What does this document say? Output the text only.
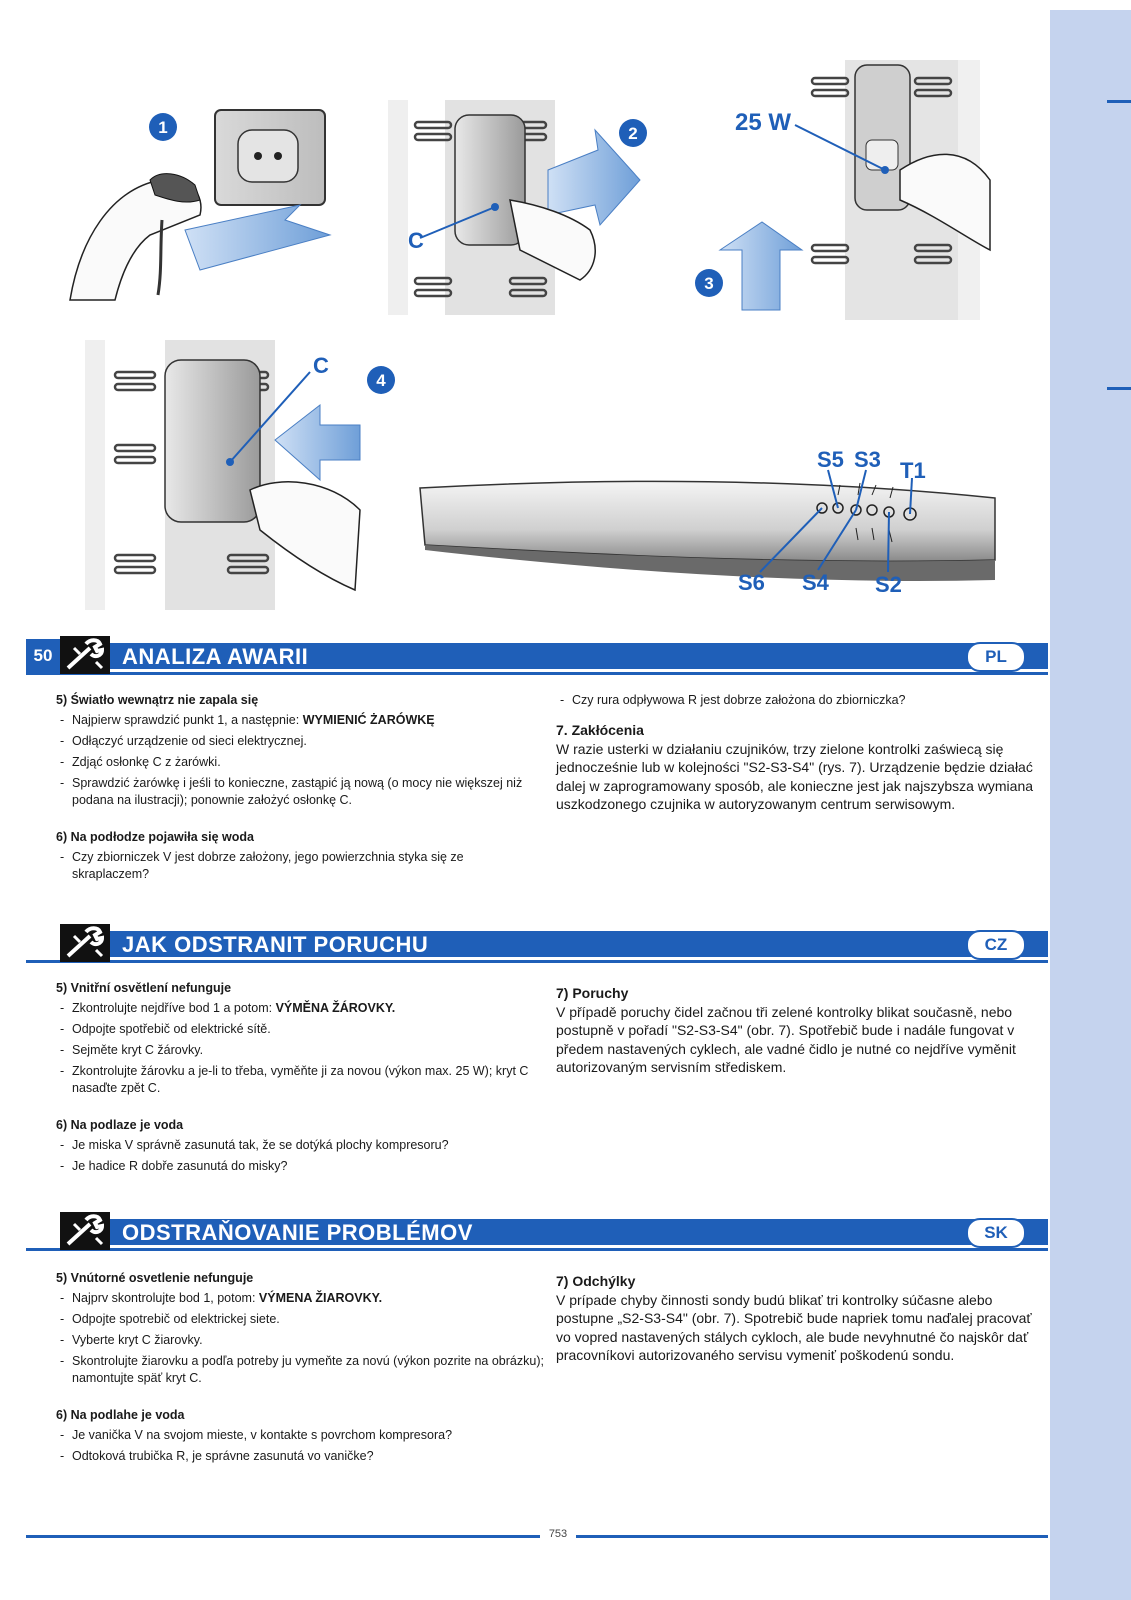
1	2
3
4
25 W
C
C
S5 S3 T1
S6 S4 S2
50	ANALIZA AWARII	PL
5) Światło wewnątrz nie zapala się
- Najpierw sprawdzić punkt 1, a następnie: WYMIENIĆ ŻARÓWKĘ
- Odłączyć urządzenie od sieci elektrycznej.
- Zdjąć osłonkę C z żarówki.
- Sprawdzić żarówkę i jeśli to konieczne, zastąpić ją nową (o mocy nie większej niż podana na ilustracji); ponownie założyć osłonkę C.
6) Na podłodze pojawiła się woda
- Czy zbiorniczek V jest dobrze założony, jego powierzchnia styka się ze skraplaczem?
- Czy rura odpływowa R jest dobrze założona do zbiorniczka?
7. Zakłócenia
W razie usterki w działaniu czujników, trzy zielone kontrolki zaświecą się jednocześnie lub w kolejności "S2-S3-S4" (rys. 7). Urządzenie będzie działać dalej w zaprogramowany sposób, ale konieczne jest jak najszybsza wymiana uszkodzonego czujnika w autoryzowanym centrum serwisowym.
JAK ODSTRANIT PORUCHU	CZ
5) Vnitřní osvětlení nefunguje
- Zkontrolujte nejdříve bod 1 a potom: VÝMĚNA ŽÁROVKY.
- Odpojte spotřebič od elektrické sítě.
- Sejměte kryt C žárovky.
- Zkontrolujte žárovku a je-li to třeba, vyměňte ji za novou (výkon max. 25 W); kryt C nasaďte zpět C.
6) Na podlaze je voda
- Je miska V správně zasunutá tak, že se dotýká plochy kompresoru?
- Je hadice R dobře zasunutá do misky?
7) Poruchy
V případě poruchy čidel začnou tři zelené kontrolky blikat současně, nebo postupně v pořadí "S2-S3-S4" (obr. 7). Spotřebič bude i nadále fungovat v předem nastavených cyklech, ale vadné čidlo je nutné co nejdříve vyměnit autorizovaným servisním střediskem.
ODSTRAŇOVANIE PROBLÉMOV	SK
5) Vnútorné osvetlenie nefunguje
- Najprv skontrolujte bod 1, potom: VÝMENA ŽIAROVKY.
- Odpojte spotrebič od elektrickej siete.
- Vyberte kryt C žiarovky.
- Skontrolujte žiarovku a podľa potreby ju vymeňte za novú (výkon pozrite na obrázku); namontujte späť kryt C.
6) Na podlahe je voda
- Je vanička V na svojom mieste, v kontakte s povrchom kompresora?
- Odtoková trubička R, je správne zasunutá vo vaničke?
7) Odchýlky
V prípade chyby činnosti sondy budú blikať tri kontrolky súčasne alebo postupne „S2-S3-S4" (obr. 7). Spotrebič bude napriek tomu naďalej pracovať vo vopred nastavených stálych cykloch, ale bude nevyhnutné čo najskôr dať pracovníkovi autorizovaného servisu vymeniť poškodenú sondu.
753
